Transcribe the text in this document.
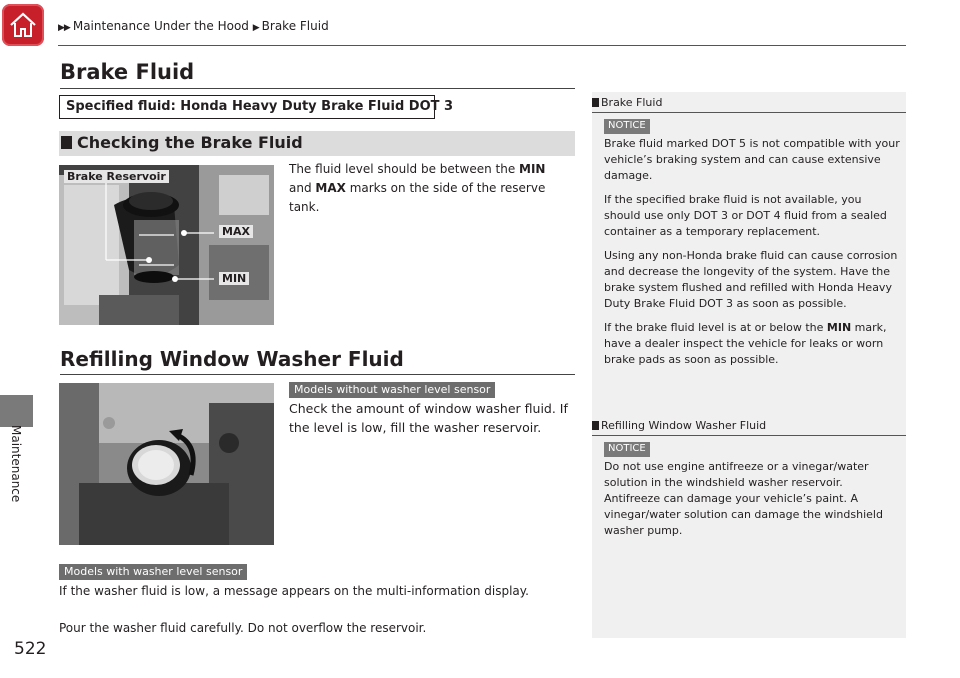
▶▶ Maintenance Under the Hood ▶ Brake Fluid
Maintenance
522
Brake Fluid
Specified fluid: Honda Heavy Duty Brake Fluid DOT 3
Checking the Brake Fluid
Brake Reservoir
MAX
MIN
The fluid level should be between the MIN and MAX marks on the side of the reserve tank.
Refilling Window Washer Fluid
Models without washer level sensor
Check the amount of window washer fluid. If the level is low, fill the washer reservoir.
Models with washer level sensor
If the washer fluid is low, a message appears on the multi-information display.
Pour the washer fluid carefully. Do not overflow the reservoir.
Brake Fluid
NOTICE

Brake fluid marked DOT 5 is not compatible with your vehicle’s braking system and can cause extensive damage.

If the specified brake fluid is not available, you should use only DOT 3 or DOT 4 fluid from a sealed container as a temporary replacement.

Using any non-Honda brake fluid can cause corrosion and decrease the longevity of the system. Have the brake system flushed and refilled with Honda Heavy Duty Brake Fluid DOT 3 as soon as possible.

If the brake fluid level is at or below the MIN mark, have a dealer inspect the vehicle for leaks or worn brake pads as soon as possible.

Refilling Window Washer Fluid
NOTICE
Do not use engine antifreeze or a vinegar/water solution in the windshield washer reservoir. Antifreeze can damage your vehicle’s paint. A vinegar/water solution can damage the windshield washer pump.
